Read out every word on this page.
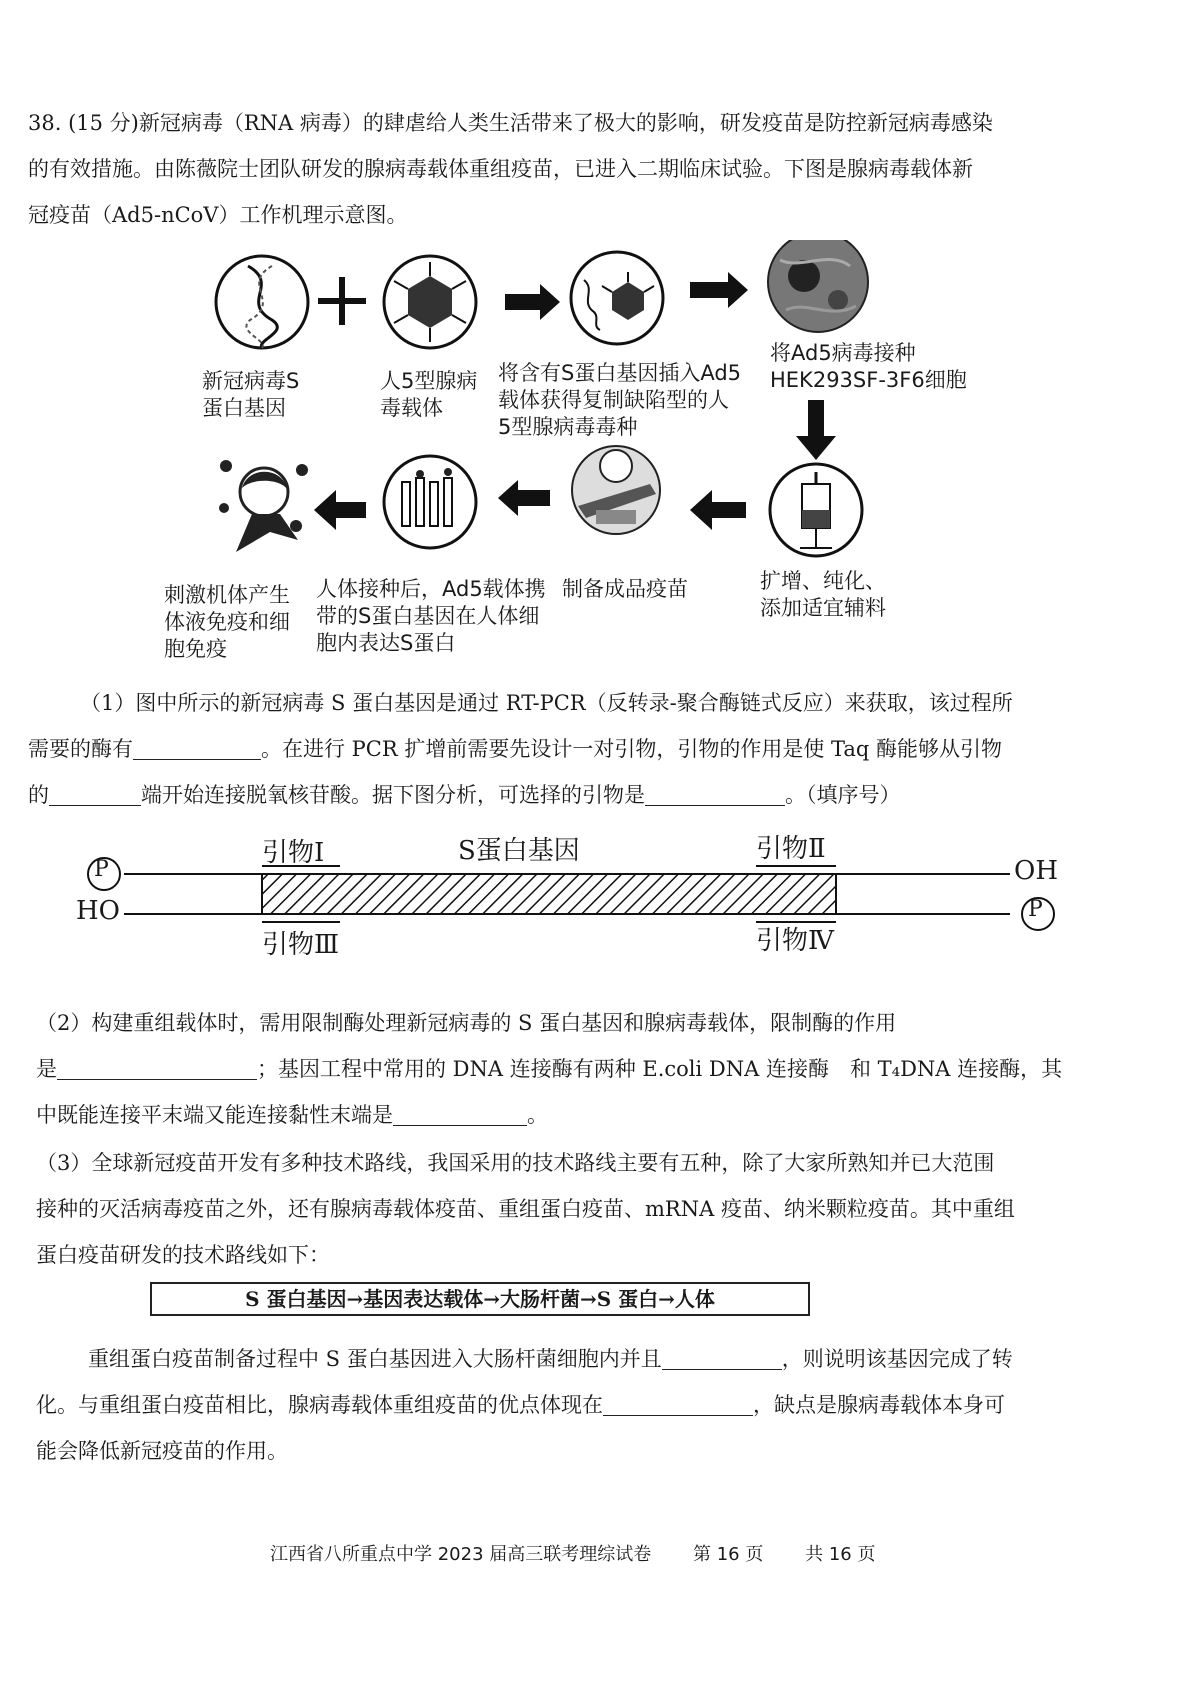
38. (15 分)新冠病毒（RNA 病毒）的肆虐给人类生活带来了极大的影响，研发疫苗是防控新冠病毒感染

的有效措施。由陈薇院士团队研发的腺病毒载体重组疫苗，已进入二期临床试验。下图是腺病毒载体新

冠疫苗（Ad5-nCoV）工作机理示意图。

新冠病毒S
蛋白基因
人5型腺病
毒载体
将含有S蛋白基因插入Ad5
载体获得复制缺陷型的人
5型腺病毒毒种
将Ad5病毒接种
HEK293SF-3F6细胞
扩增、纯化、
添加适宜辅料
制备成品疫苗
人体接种后，Ad5载体携
带的S蛋白基因在人体细
胞内表达S蛋白
刺激机体产生
体液免疫和细
胞免疫

（1）图中所示的新冠病毒 S 蛋白基因是通过 RT-PCR（反转录-聚合酶链式反应）来获取，该过程所

需要的酶有	。在进行 PCR 扩增前需要先设计一对引物，引物的作用是使 Taq 酶能够从引物

的	端开始连接脱氧核苷酸。据下图分析，可选择的引物是	。（填序号）

P
P
OH
HO
引物Ⅰ	S蛋白基因	引物Ⅱ
引物Ⅲ	引物Ⅳ

（2）构建重组载体时，需用限制酶处理新冠病毒的 S 蛋白基因和腺病毒载体，限制酶的作用

是	；基因工程中常用的 DNA 连接酶有两种 E.coli DNA 连接酶　和 T₄DNA 连接酶，其

中既能连接平末端又能连接黏性末端是	。

（3）全球新冠疫苗开发有多种技术路线，我国采用的技术路线主要有五种，除了大家所熟知并已大范围

接种的灭活病毒疫苗之外，还有腺病毒载体疫苗、重组蛋白疫苗、mRNA 疫苗、纳米颗粒疫苗。其中重组

蛋白疫苗研发的技术路线如下：

S 蛋白基因→基因表达载体→大肠杆菌→S 蛋白→人体

重组蛋白疫苗制备过程中 S 蛋白基因进入大肠杆菌细胞内并且	，则说明该基因完成了转

化。与重组蛋白疫苗相比，腺病毒载体重组疫苗的优点体现在	，缺点是腺病毒载体本身可

能会降低新冠疫苗的作用。

江西省八所重点中学 2023 届高三联考理综试卷 第 16 页 共 16 页
